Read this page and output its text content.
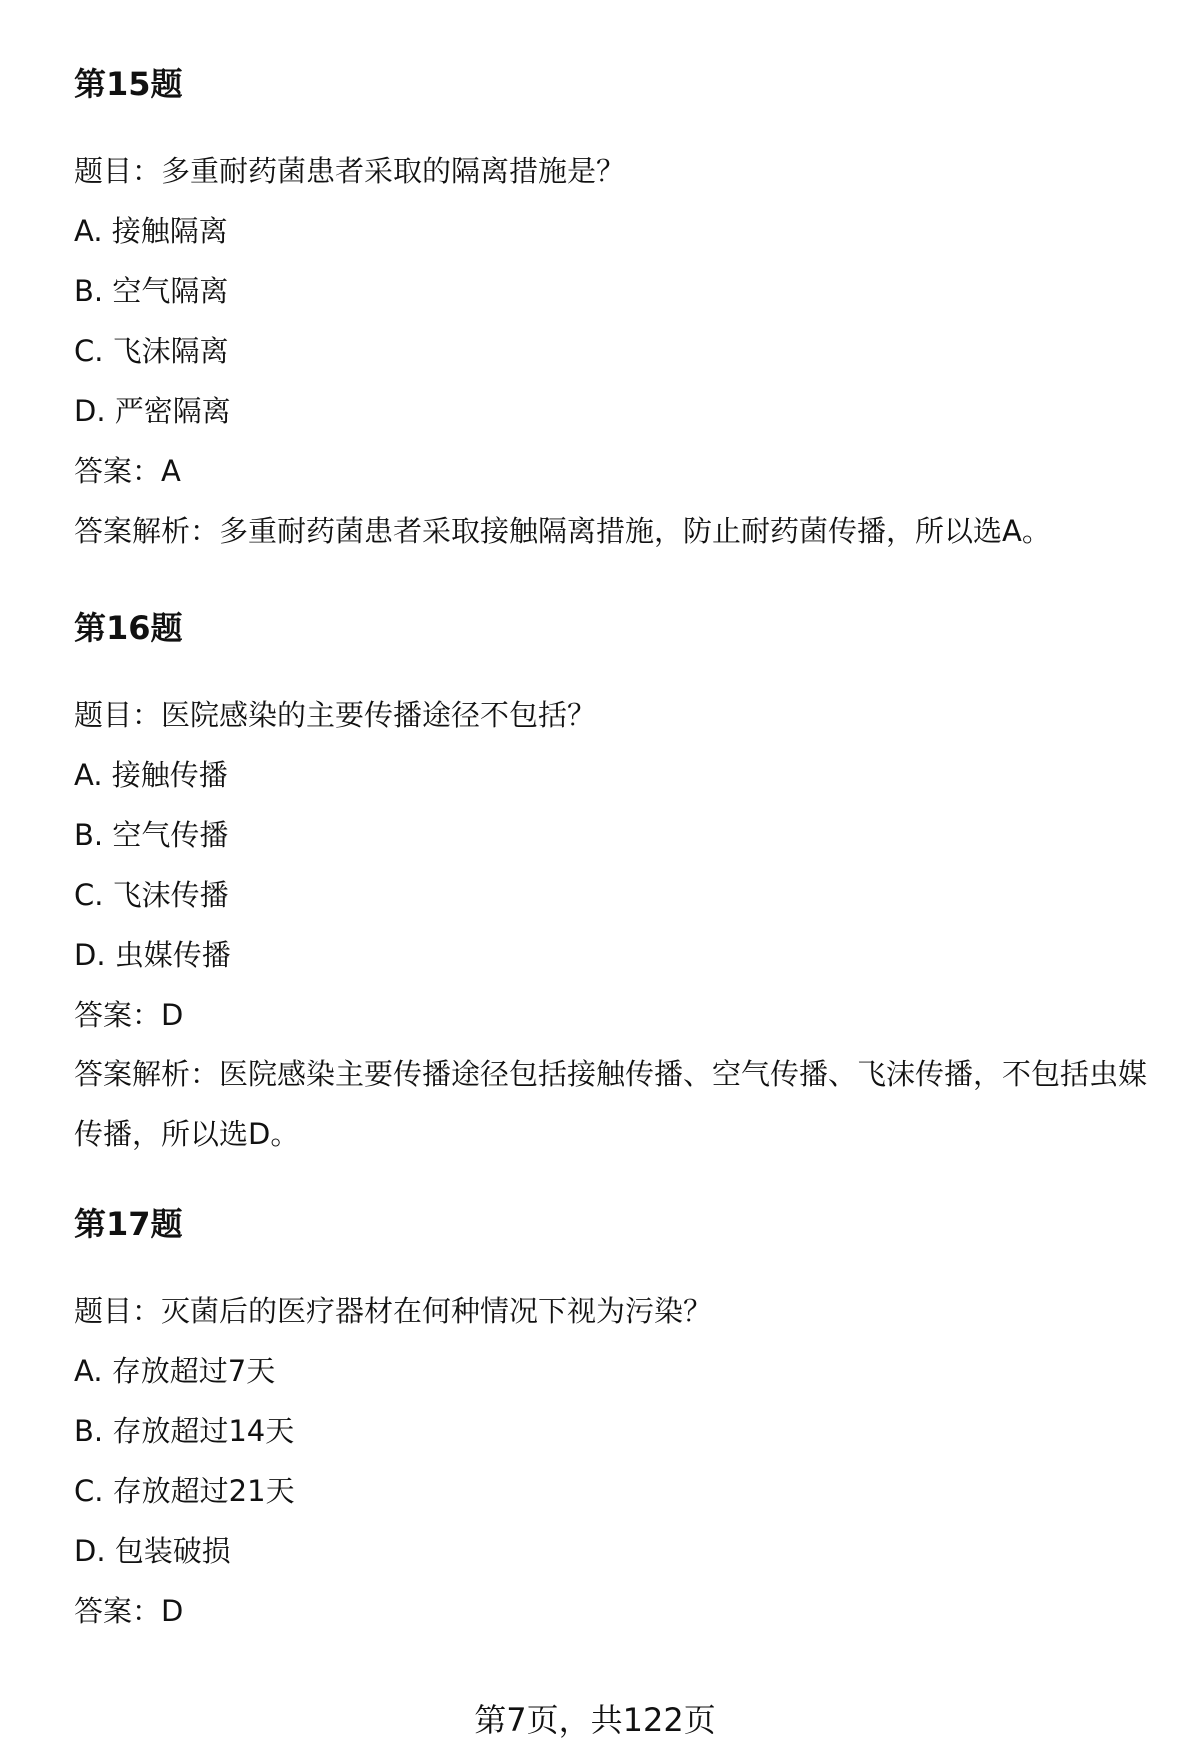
第15题
题目：多重耐药菌患者采取的隔离措施是？
A. 接触隔离
B. 空气隔离
C. 飞沫隔离
D. 严密隔离
答案：A
答案解析：多重耐药菌患者采取接触隔离措施，防止耐药菌传播，所以选A。
第16题
题目：医院感染的主要传播途径不包括？
A. 接触传播
B. 空气传播
C. 飞沫传播
D. 虫媒传播
答案：D
答案解析：医院感染主要传播途径包括接触传播、空气传播、飞沫传播，不包括虫媒传播，所以选D。
第17题
题目：灭菌后的医疗器材在何种情况下视为污染？
A. 存放超过7天
B. 存放超过14天
C. 存放超过21天
D. 包装破损
答案：D
第7页，共122页
